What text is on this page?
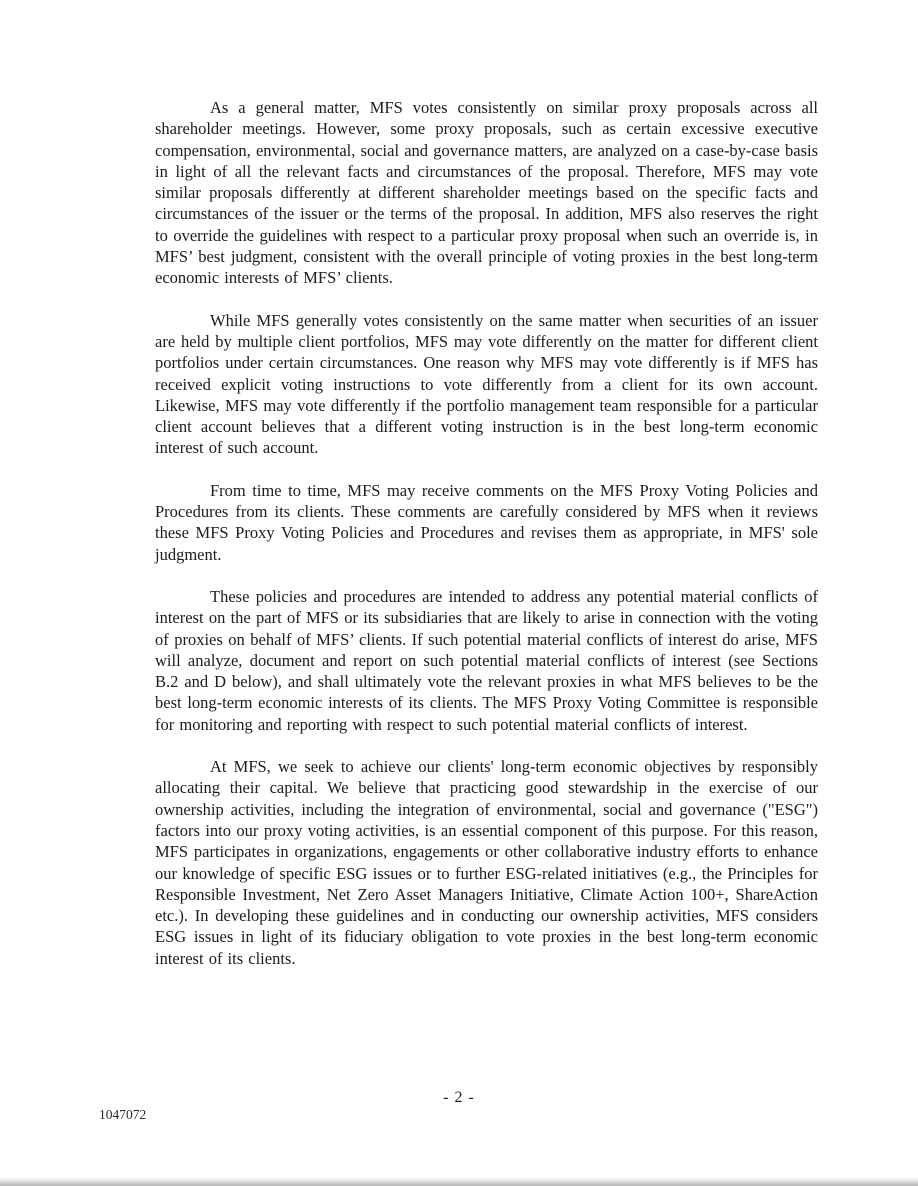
As a general matter, MFS votes consistently on similar proxy proposals across all shareholder meetings. However, some proxy proposals, such as certain excessive executive compensation, environmental, social and governance matters, are analyzed on a case-by-case basis in light of all the relevant facts and circumstances of the proposal. Therefore, MFS may vote similar proposals differently at different shareholder meetings based on the specific facts and circumstances of the issuer or the terms of the proposal. In addition, MFS also reserves the right to override the guidelines with respect to a particular proxy proposal when such an override is, in MFS’ best judgment, consistent with the overall principle of voting proxies in the best long-term economic interests of MFS’ clients.

While MFS generally votes consistently on the same matter when securities of an issuer are held by multiple client portfolios, MFS may vote differently on the matter for different client portfolios under certain circumstances. One reason why MFS may vote differently is if MFS has received explicit voting instructions to vote differently from a client for its own account. Likewise, MFS may vote differently if the portfolio management team responsible for a particular client account believes that a different voting instruction is in the best long-term economic interest of such account.

From time to time, MFS may receive comments on the MFS Proxy Voting Policies and Procedures from its clients. These comments are carefully considered by MFS when it reviews these MFS Proxy Voting Policies and Procedures and revises them as appropriate, in MFS' sole judgment.

These policies and procedures are intended to address any potential material conflicts of interest on the part of MFS or its subsidiaries that are likely to arise in connection with the voting of proxies on behalf of MFS’ clients. If such potential material conflicts of interest do arise, MFS will analyze, document and report on such potential material conflicts of interest (see Sections B.2 and D below), and shall ultimately vote the relevant proxies in what MFS believes to be the best long-term economic interests of its clients. The MFS Proxy Voting Committee is responsible for monitoring and reporting with respect to such potential material conflicts of interest.

At MFS, we seek to achieve our clients' long-term economic objectives by responsibly allocating their capital. We believe that practicing good stewardship in the exercise of our ownership activities, including the integration of environmental, social and governance ("ESG") factors into our proxy voting activities, is an essential component of this purpose. For this reason, MFS participates in organizations, engagements or other collaborative industry efforts to enhance our knowledge of specific ESG issues or to further ESG-related initiatives (e.g., the Principles for Responsible Investment, Net Zero Asset Managers Initiative, Climate Action 100+, ShareAction etc.). In developing these guidelines and in conducting our ownership activities, MFS considers ESG issues in light of its fiduciary obligation to vote proxies in the best long-term economic interest of its clients.

- 2 -
1047072
